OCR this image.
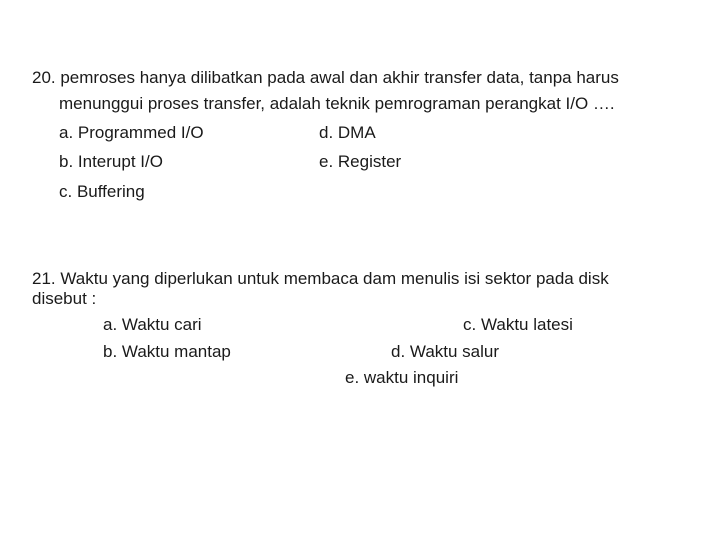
20. pemroses hanya dilibatkan pada awal dan akhir transfer data, tanpa harus
menunggui proses transfer, adalah teknik pemrograman perangkat I/O ….
a. Programmed I/O	d. DMA
b. Interupt I/O	e. Register
c. Buffering
21. Waktu yang diperlukan untuk membaca dam menulis isi sektor pada disk
disebut :
a. Waktu cari	c. Waktu latesi
b. Waktu mantap	d. Waktu salur
e. waktu inquiri
